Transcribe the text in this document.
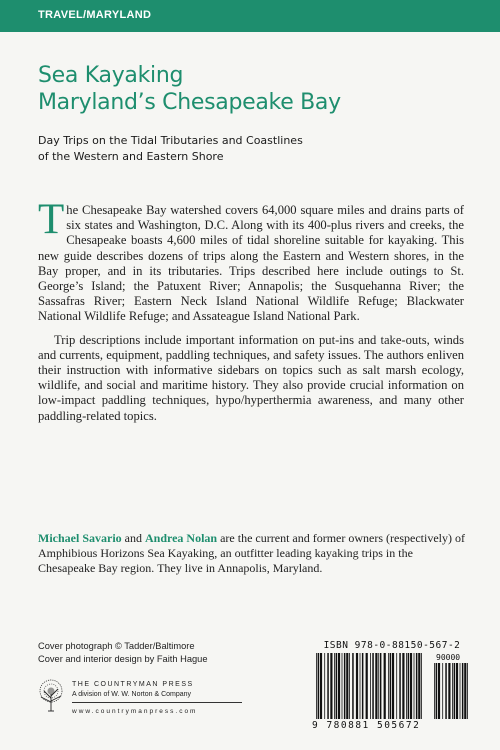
TRAVEL/MARYLAND
Sea Kayaking
Maryland’s Chesapeake Bay
Day Trips on the Tidal Tributaries and Coastlines
of the Western and Eastern Shore

The Chesapeake Bay watershed covers 64,000 square miles and drains parts of six states and Washington, D.C. Along with its 400-plus rivers and creeks, the Chesapeake boasts 4,600 miles of tidal shoreline suitable for kayaking. This new guide describes dozens of trips along the Eastern and Western shores, in the Bay proper, and in its tributaries. Trips described here include outings to St. George’s Island; the Patuxent River; Annapolis; the Susquehanna River; the Sassafras River; Eastern Neck Island National Wildlife Refuge; Blackwater National Wildlife Refuge; and Assateague Island National Park.

Trip descriptions include important information on put-ins and take-outs, winds and currents, equipment, paddling techniques, and safety issues. The authors enliven their instruction with informative sidebars on topics such as salt marsh ecology, wildlife, and social and maritime history. They also provide crucial information on low-impact paddling techniques, hypo/hyperthermia awareness, and many other paddling-related topics.

Michael Savario and Andrea Nolan are the current and former owners (respectively) of Amphibious Horizons Sea Kayaking, an outfitter leading kayaking trips in the Chesapeake Bay region. They live in Annapolis, Maryland.
Cover photograph © Tadder/Baltimore
Cover and interior design by Faith Hague
THE COUNTRYMAN PRESS
A division of W. W. Norton & Company
www.countrymanpress.com
ISBN 978-0-88150-567-2
90000
9 780881 505672
